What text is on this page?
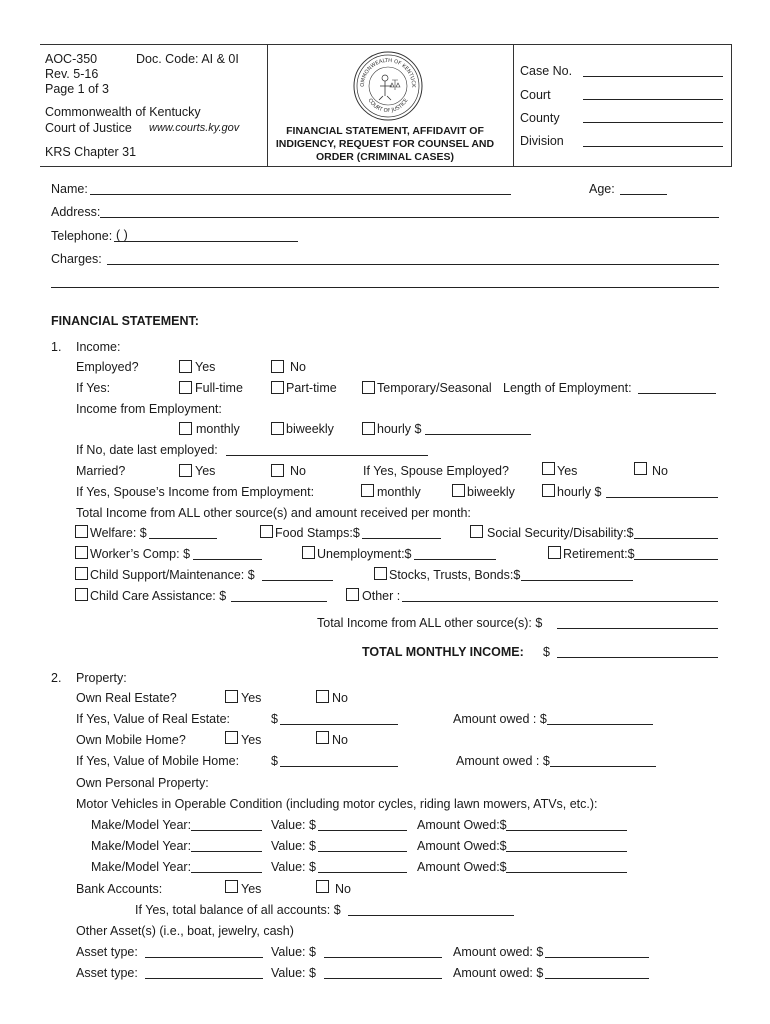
AOC-350	Doc. Code: AI & 0I
Rev. 5-16
Page 1 of 3
Commonwealth of Kentucky
Court of Justice www.courts.ky.gov
KRS Chapter 31
OMMONWEALTH OF KENTUCK
COURT OF JUSTICE
FINANCIAL STATEMENT, AFFIDAVIT OF
INDIGENCY, REQUEST FOR COUNSEL AND
ORDER (CRIMINAL CASES)
Case No.
Court
County
Division
Name:	Age:
Address:
Telephone: ( )
Charges:
FINANCIAL STATEMENT:
1. Income:
Employed?	Yes	No
If Yes:	Full-time	Part-time	Temporary/Seasonal Length of Employment:
Income from Employment:
monthly	biweekly	hourly $
If No, date last employed:
Married?	Yes	No	If Yes, Spouse Employed?	Yes	No
If Yes, Spouse’s Income from Employment:	monthly	biweekly	hourly $
Total Income from ALL other source(s) and amount received per month:
Welfare: $	Food Stamps:$	Social Security/Disability:$
Worker’s Comp: $	Unemployment:$	Retirement:$
Child Support/Maintenance: $	Stocks, Trusts, Bonds:$
Child Care Assistance: $	Other :
Total Income from ALL other source(s): $
TOTAL MONTHLY INCOME: $
2. Property:
Own Real Estate?	Yes	No
If Yes, Value of Real Estate:	$	Amount owed : $
Own Mobile Home?	Yes	No
If Yes, Value of Mobile Home:	$	Amount owed : $
Own Personal Property:
Motor Vehicles in Operable Condition (including motor cycles, riding lawn mowers, ATVs, etc.):
Make/Model Year:	Value: $	Amount Owed:$
Make/Model Year:	Value: $	Amount Owed:$
Make/Model Year:	Value: $	Amount Owed:$
Bank Accounts:	Yes	No
If Yes, total balance of all accounts: $
Other Asset(s) (i.e., boat, jewelry, cash)
Asset type:	Value: $	Amount owed: $
Asset type:	Value: $	Amount owed: $
